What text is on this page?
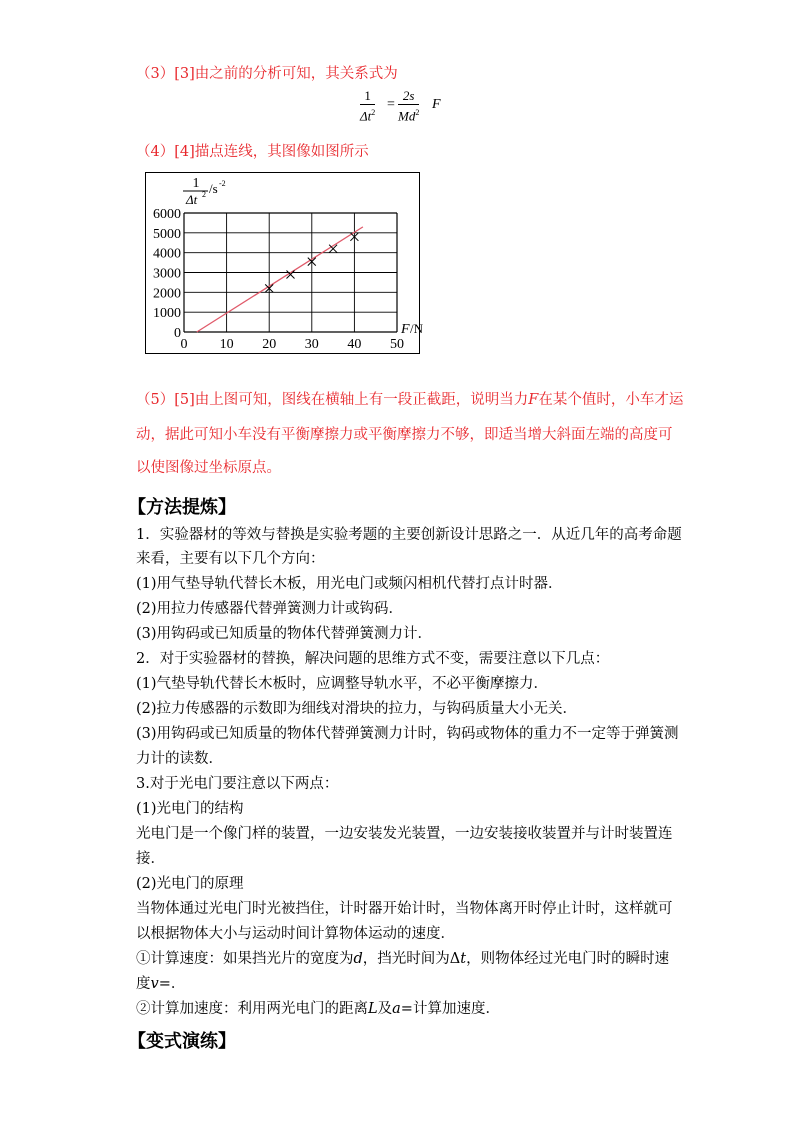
（3）[3]由之前的分析可知，其关系式为
$\frac{1}{\Delta t^2} = \frac{2s}{Md^2}$ F
（4）[4]描点连线，其图像如图所示
1
Δt 2 /s -2
F /N
0 10 20 30 40 50
0
1000
2000
3000
4000
5000
6000
（5）[5]由上图可知，图线在横轴上有一段正截距，说明当力F在某个值时，小车才运
动，据此可知小车没有平衡摩擦力或平衡摩擦力不够，即适当增大斜面左端的高度可
以使图像过坐标原点。
【方法提炼】
1．实验器材的等效与替换是实验考题的主要创新设计思路之一．从近几年的高考命题
来看，主要有以下几个方向：
(1)用气垫导轨代替长木板，用光电门或频闪相机代替打点计时器．
(2)用拉力传感器代替弹簧测力计或钩码．
(3)用钩码或已知质量的物体代替弹簧测力计．
2．对于实验器材的替换，解决问题的思维方式不变，需要注意以下几点：
(1)气垫导轨代替长木板时，应调整导轨水平，不必平衡摩擦力．
(2)拉力传感器的示数即为细线对滑块的拉力，与钩码质量大小无关．
(3)用钩码或已知质量的物体代替弹簧测力计时，钩码或物体的重力不一定等于弹簧测
力计的读数．
3.对于光电门要注意以下两点：
(1)光电门的结构
光电门是一个像门样的装置，一边安装发光装置，一边安装接收装置并与计时装置连
接．
(2)光电门的原理
当物体通过光电门时光被挡住，计时器开始计时，当物体离开时停止计时，这样就可
以根据物体大小与运动时间计算物体运动的速度．
①计算速度：如果挡光片的宽度为d，挡光时间为Δt，则物体经过光电门时的瞬时速
度v=．
②计算加速度：利用两光电门的距离L及a=计算加速度．
【变式演练】
